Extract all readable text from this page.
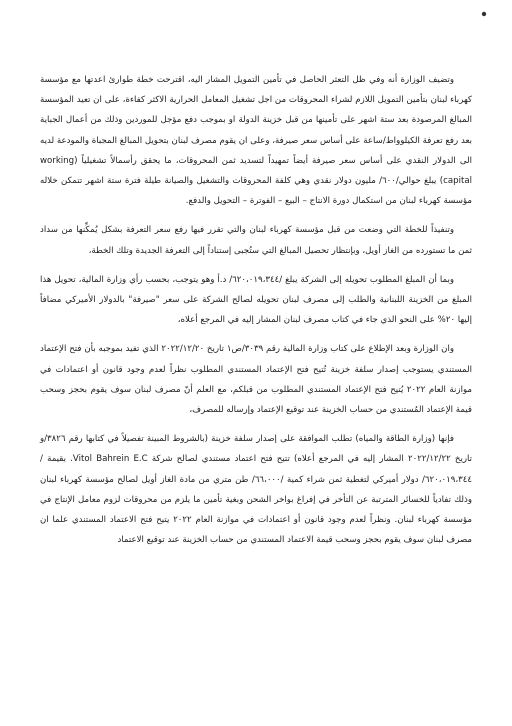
وتضيف الوزارة أنه وفي ظل التعثر الحاصل في تأمين التمويل المشار اليه، اقترحت خطة طوارئ اعدتها مع مؤسسة كهرباء لبنان بتأمين التمويل اللازم لشراء المحروقات من اجل تشغيل المعامل الحرارية الاكثر كفاءة، على ان تعيد المؤسسة المبالغ المرصودة بعد ستة اشهر على تأمينها من قبل خزينة الدولة او بموجب دفع مؤجل للموردين وذلك من أعمال الجباية بعد رفع تعرفة الكيلوواط/ساعة على أساس سعر صيرفة، وعلى ان يقوم مصرف لبنان بتحويل المبالغ المجباة والمودعة لديه الى الدولار النقدي على أساس سعر صيرفة أيضاً تمهيداً لتسديد ثمن المحروقات، ما يحقق رأسمالاً تشغيلياً (working capital) يبلغ حوالي/٦٠٠/ مليون دولار نقدي وهي كلفة المحروقات والتشغيل والصيانة طيلة فترة ستة اشهر تتمكن خلاله مؤسسة كهرباء لبنان من استكمال دورة الانتاج – البيع – الفوترة – التحويل والدفع.

وتنفيذاً للخطة التي وضعت من قبل مؤسسة كهرباء لبنان والتي تقرر فيها رفع سعر التعرفة بشكل يُمكِّنها من سداد ثمن ما تستورده من الغاز أويل، وبإنتظار تحصيل المبالغ التي ستُجبى إستناداً إلى التعرفة الجديدة وتلك الخطة،

وبما أن المبلغ المطلوب تحويله إلى الشركة يبلغ /٦٢٠،٠١٩،٣٤٤/ د.أ وهو يتوجب، بحسب رأي وزارة المالية، تحويل هذا المبلغ من الخزينة اللبنانية والطلب إلى مصرف لبنان تحويله لصالح الشركة على سعر "صيرفة" بالدولار الأميركي مضافاً إليها ٢٠% على النحو الذي جاء في كتاب مصرف لبنان المشار إليه في المرجع أعلاه،

وان الوزارة وبعد الإطلاع على كتاب وزارة المالية رقم ٣٠٣٩/ص١ تاريخ ٢٠٢٢/١٢/٢٠ الذي تفيد بموجبه بأن فتح الإعتماد المستندي يستوجب إصدار سلفة خزينة تُتيح فتح الإعتماد المستندي المطلوب نظراً لعدم وجود قانون أو اعتمادات في موازنة العام ٢٠٢٢ يُتيح فتح الإعتماد المستندي المطلوب من قبلكم، مع العلم أنّ مصرف لبنان سوف يقوم بحجز وسحب قيمة الإعتماد المُستندي من حساب الخزينة عند توقيع الإعتماد وإرساله للمصرف،

فإنها (وزارة الطاقة والمياه) تطلب الموافقة على إصدار سلفة خزينة (بالشروط المبينة تفصيلاً في كتابها رقم ٣٨٢٦/و تاريخ ٢٠٢٢/١٢/٢٢ المشار إليه في المرجع أعلاه) تتيح فتح اعتماد مستندي لصالح شركة Vitol Bahrein E.C. بقيمة /٦٢٠،٠١٩،٣٤٤/ دولار أميركي لتغطية ثمن شراء كمية /٦٦،٠٠٠/ طن متري من مادة الغاز أويل لصالح مؤسسة كهرباء لبنان وذلك تفادياً للخسائر المترتبة عن التأخر في إفراغ بواخر الشحن وبغية تأمين ما يلزم من محروقات لزوم معامل الإنتاج في مؤسسة كهرباء لبنان. ونظراً لعدم وجود قانون أو اعتمادات في موازنة العام ٢٠٢٢ يتيح فتح الاعتماد المستندي علما ان مصرف لبنان سوف يقوم بحجز وسحب قيمة الاعتماد المستندي من حساب الخزينة عند توقيع الاعتماد
